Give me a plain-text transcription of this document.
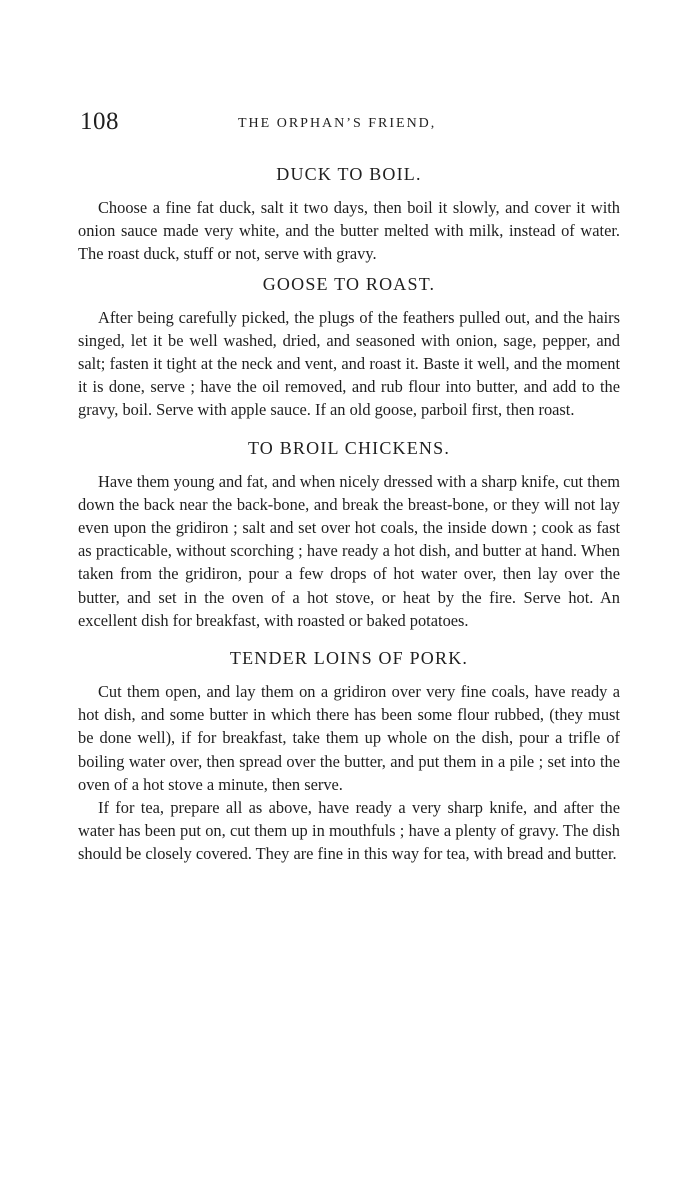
108	THE ORPHAN’S FRIEND,
DUCK TO BOIL.

Choose a fine fat duck, salt it two days, then boil it slowly, and cover it with onion sauce made very white, and the butter melted with milk, instead of water. The roast duck, stuff or not, serve with gravy.

GOOSE TO ROAST.

After being carefully picked, the plugs of the feathers pulled out, and the hairs singed, let it be well washed, dried, and seasoned with onion, sage, pepper, and salt; fasten it tight at the neck and vent, and roast it. Baste it well, and the moment it is done, serve ; have the oil removed, and rub flour into butter, and add to the gravy, boil. Serve with apple sauce. If an old goose, parboil first, then roast.

TO BROIL CHICKENS.

Have them young and fat, and when nicely dressed with a sharp knife, cut them down the back near the back-bone, and break the breast-bone, or they will not lay even upon the gridiron ; salt and set over hot coals, the inside down ; cook as fast as practicable, without scorching ; have ready a hot dish, and butter at hand. When taken from the gridiron, pour a few drops of hot water over, then lay over the butter, and set in the oven of a hot stove, or heat by the fire. Serve hot. An excellent dish for breakfast, with roasted or baked potatoes.

TENDER LOINS OF PORK.

Cut them open, and lay them on a gridiron over very fine coals, have ready a hot dish, and some butter in which there has been some flour rubbed, (they must be done well), if for breakfast, take them up whole on the dish, pour a trifle of boiling water over, then spread over the butter, and put them in a pile ; set into the oven of a hot stove a minute, then serve.

If for tea, prepare all as above, have ready a very sharp knife, and after the water has been put on, cut them up in mouthfuls ; have a plenty of gravy. The dish should be closely covered. They are fine in this way for tea, with bread and butter.
